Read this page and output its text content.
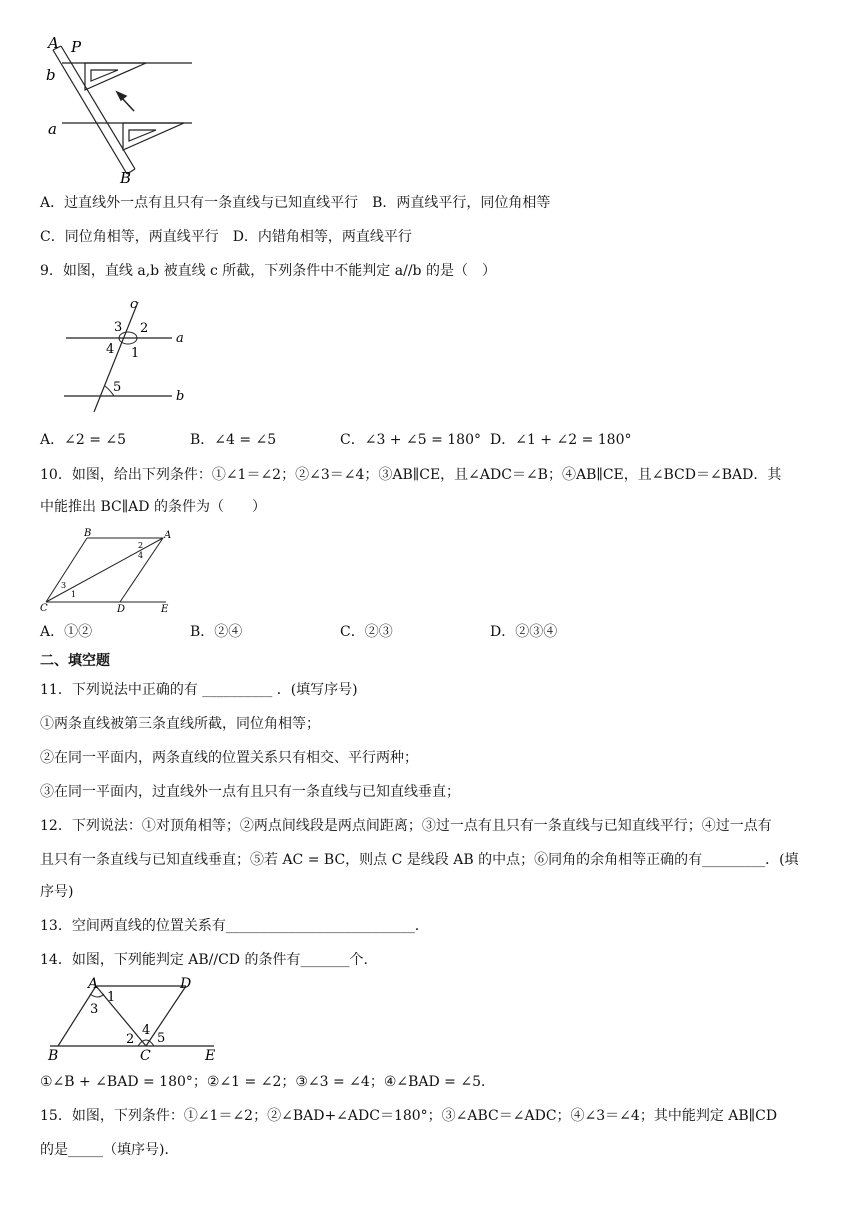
A P
b
a
B
A．过直线外一点有且只有一条直线与已知直线平行　B．两直线平行，同位角相等
C．同位角相等，两直线平行　D．内错角相等，两直线平行
9．如图，直线 a,b 被直线 c 所截，下列条件中不能判定 a//b 的是（　）
c
a
b
3 2
4 1
5
A．∠2 = ∠5	B．∠4 = ∠5	C．∠3 + ∠5 = 180° D．∠1 + ∠2 = 180°
10．如图，给出下列条件：①∠1＝∠2；②∠3＝∠4；③AB∥CE，且∠ADC＝∠B；④AB∥CE，且∠BCD＝∠BAD．其
中能推出 BC∥AD 的条件为（　　）
B	A
C	D	E
2
4
3
1
A．①②	B．②④	C．②③	D．②③④
二、填空题
11．下列说法中正确的有 __________ ．(填写序号)
①两条直线被第三条直线所截，同位角相等；
②在同一平面内，两条直线的位置关系只有相交、平行两种；
③在同一平面内，过直线外一点有且只有一条直线与已知直线垂直；
12．下列说法：①对顶角相等；②两点间线段是两点间距离；③过一点有且只有一条直线与已知直线平行；④过一点有
且只有一条直线与已知直线垂直；⑤若 AC = BC，则点 C 是线段 AB 的中点；⑥同角的余角相等正确的有_________．(填
序号)
13．空间两直线的位置关系有___________________________．
14．如图，下列能判定 AB//CD 的条件有_______个.
A	D
B	C	E
1
3
2
4
5
①∠B + ∠BAD = 180°；②∠1 = ∠2；③∠3 = ∠4；④∠BAD = ∠5．
15．如图，下列条件：①∠1＝∠2；②∠BAD+∠ADC＝180°；③∠ABC＝∠ADC；④∠3＝∠4；其中能判定 AB∥CD
的是_____（填序号)．
